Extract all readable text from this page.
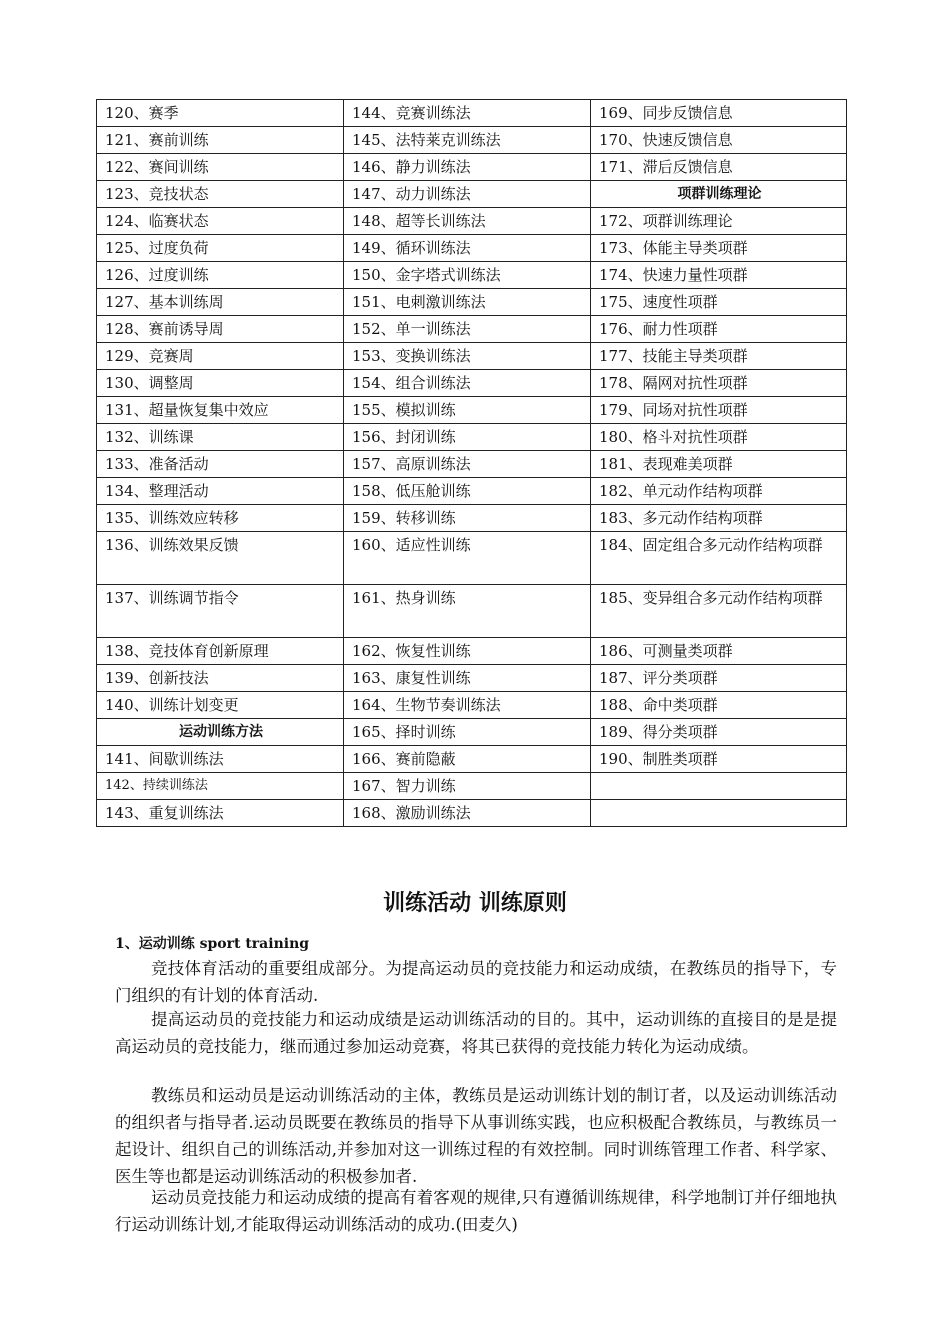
120、赛季	144、竞赛训练法	169、同步反馈信息
121、赛前训练	145、法特莱克训练法	170、快速反馈信息
122、赛间训练	146、静力训练法	171、滞后反馈信息
123、竞技状态	147、动力训练法	项群训练理论
124、临赛状态	148、超等长训练法	172、项群训练理论
125、过度负荷	149、循环训练法	173、体能主导类项群
126、过度训练	150、金字塔式训练法	174、快速力量性项群
127、基本训练周	151、电刺激训练法	175、速度性项群
128、赛前诱导周	152、单一训练法	176、耐力性项群
129、竞赛周	153、变换训练法	177、技能主导类项群
130、调整周	154、组合训练法	178、隔网对抗性项群
131、超量恢复集中效应	155、模拟训练	179、同场对抗性项群
132、训练课	156、封闭训练	180、格斗对抗性项群
133、准备活动	157、高原训练法	181、表现难美项群
134、整理活动	158、低压舱训练	182、单元动作结构项群
135、训练效应转移	159、转移训练	183、多元动作结构项群
136、训练效果反馈	160、适应性训练	184、固定组合多元动作结构项群
137、训练调节指令	161、热身训练	185、变异组合多元动作结构项群
138、竞技体育创新原理	162、恢复性训练	186、可测量类项群
139、创新技法	163、康复性训练	187、评分类项群
140、训练计划变更	164、生物节奏训练法	188、命中类项群
运动训练方法	165、择时训练	189、得分类项群
141、间歇训练法	166、赛前隐蔽	190、制胜类项群
142、持续训练法	167、智力训练	
143、重复训练法	168、激励训练法	
训练活动 训练原则
1、运动训练 sport training

竞技体育活动的重要组成部分。为提高运动员的竞技能力和运动成绩，在教练员的指导下，专门组织的有计划的体育活动.

提高运动员的竞技能力和运动成绩是运动训练活动的目的。其中，运动训练的直接目的是是提高运动员的竞技能力，继而通过参加运动竞赛，将其已获得的竞技能力转化为运动成绩。

教练员和运动员是运动训练活动的主体，教练员是运动训练计划的制订者，以及运动训练活动的组织者与指导者.运动员既要在教练员的指导下从事训练实践，也应积极配合教练员，与教练员一起设计、组织自己的训练活动,并参加对这一训练过程的有效控制。同时训练管理工作者、科学家、医生等也都是运动训练活动的积极参加者.

运动员竞技能力和运动成绩的提高有着客观的规律,只有遵循训练规律，科学地制订并仔细地执行运动训练计划,才能取得运动训练活动的成功.(田麦久)
